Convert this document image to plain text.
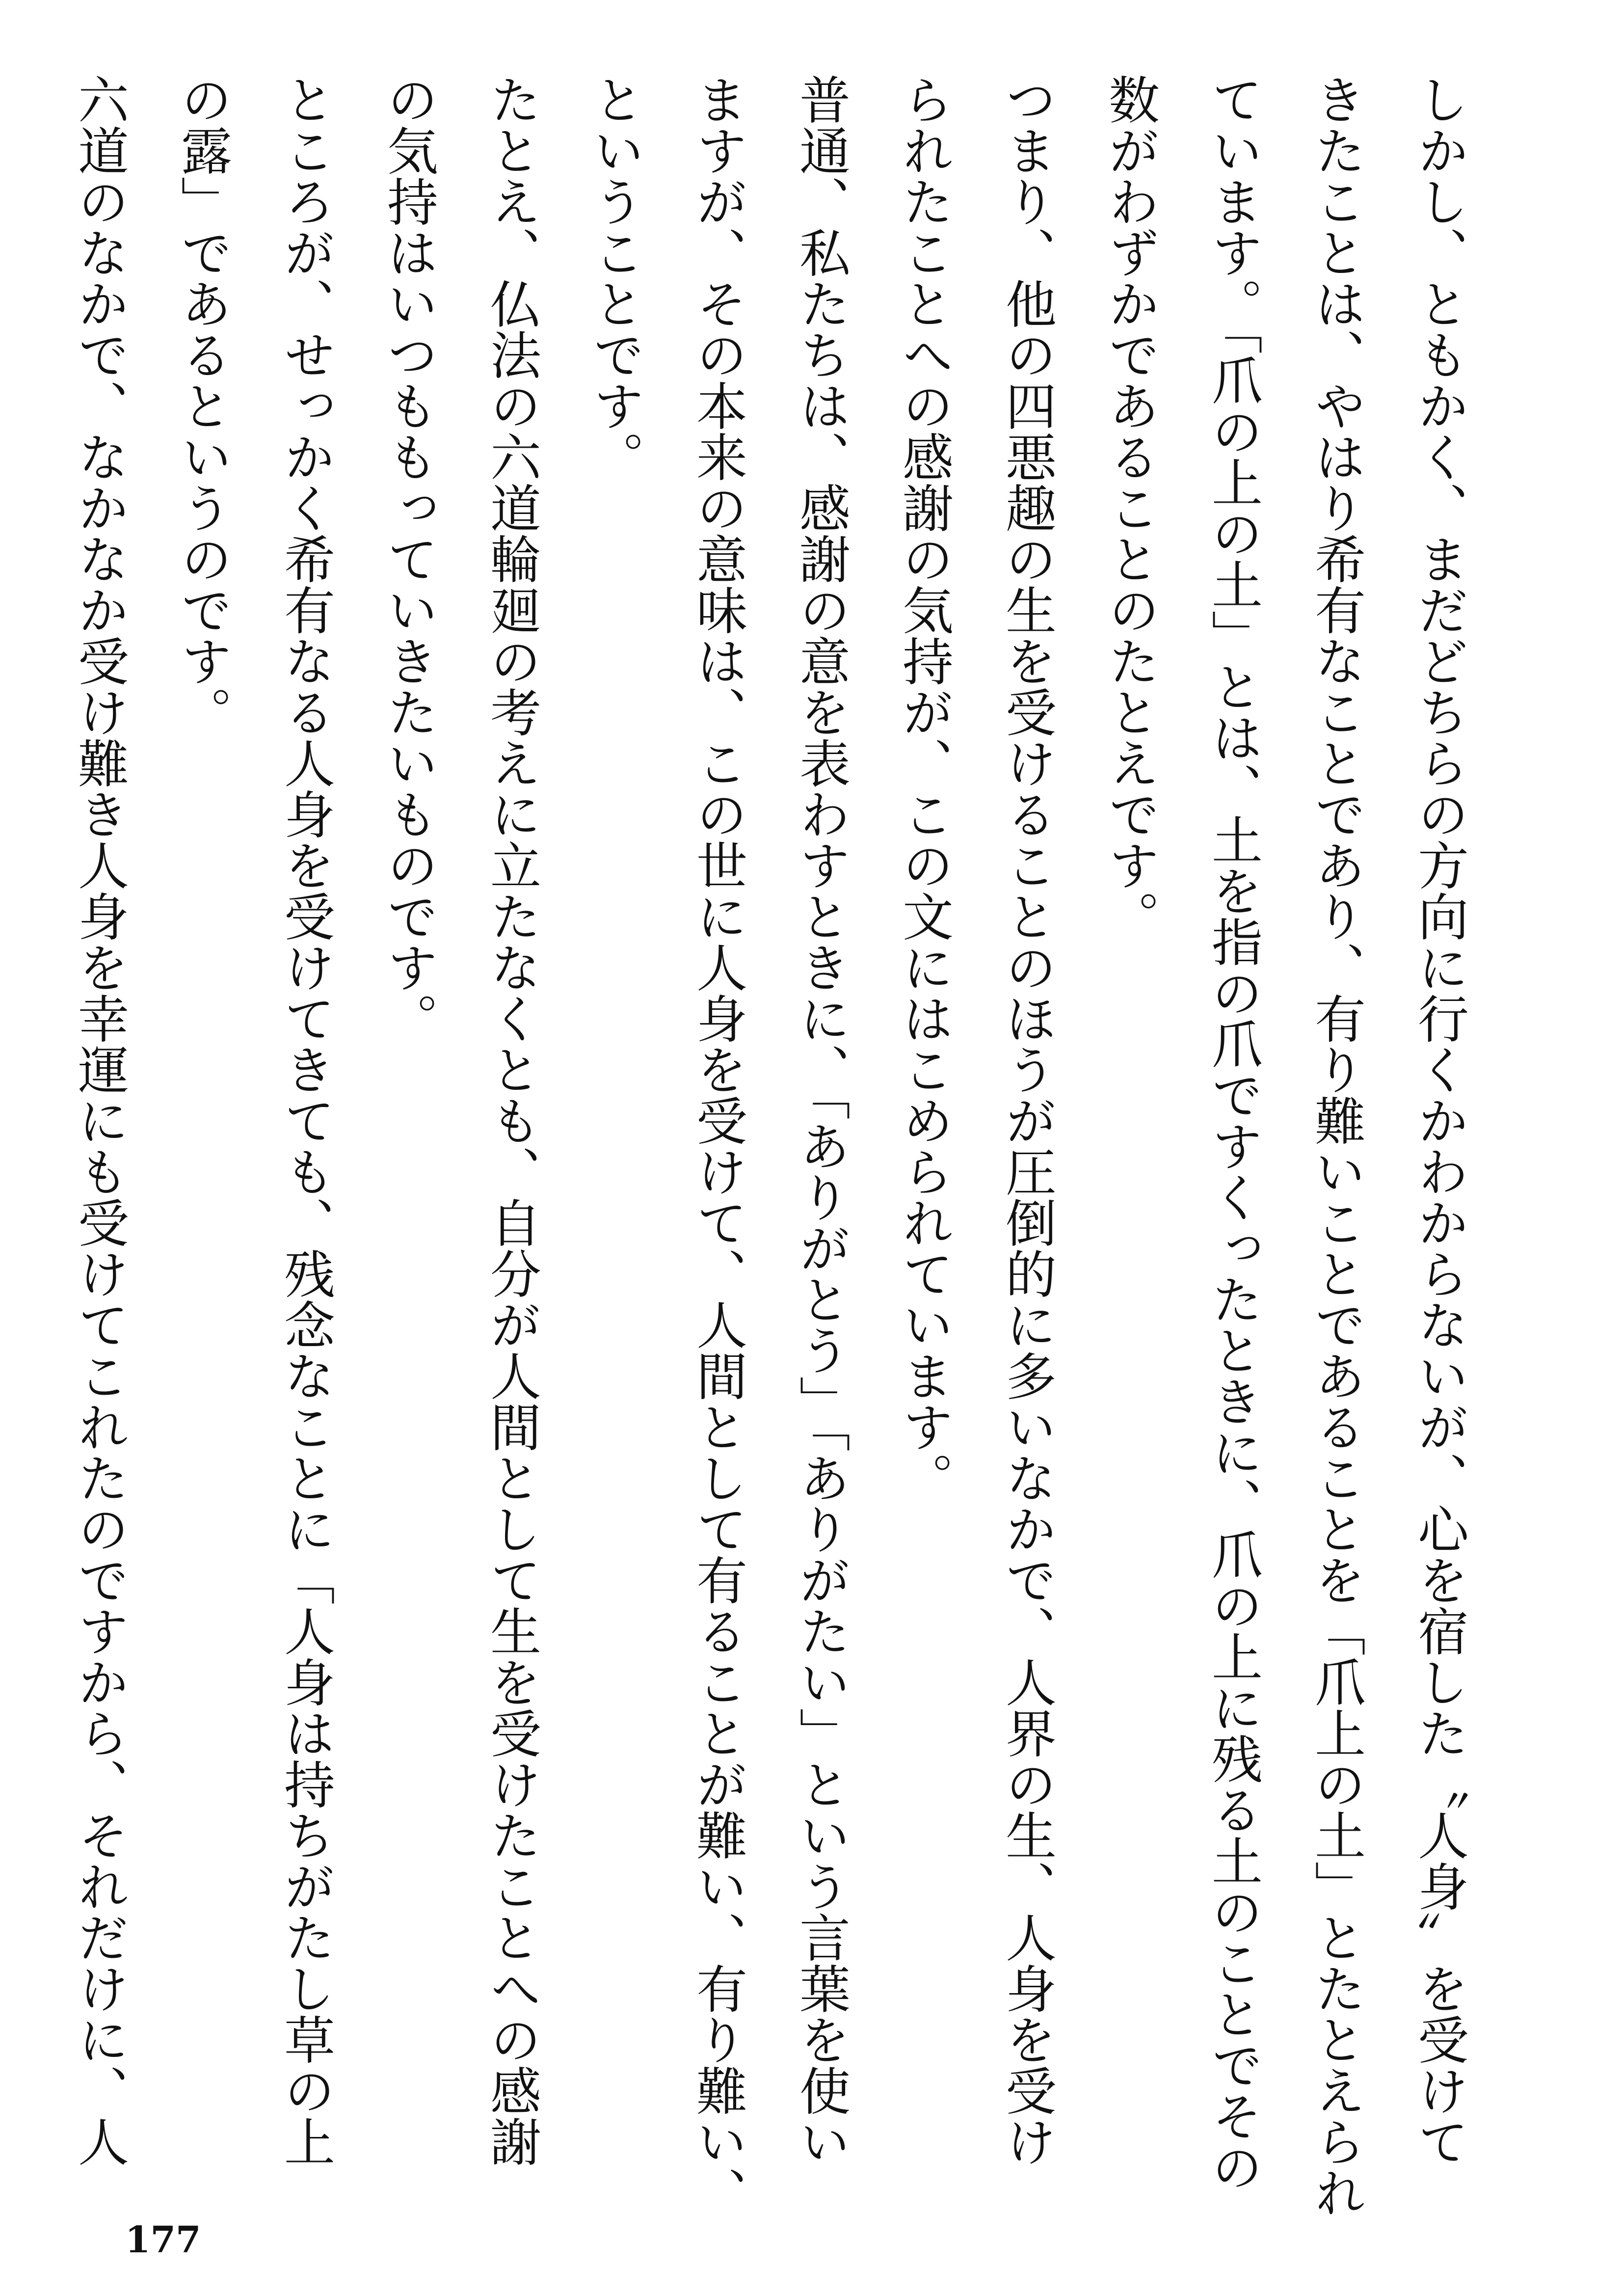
しかし、ともかく、まだどちらの方向に行くかわからないが、心を宿した〝人身〟を受けて
きたことは、やはり希有なことであり、有り難いことであることを「爪上の土」とたとえられ
ています。「爪の上の土」とは、土を指の爪ですくったときに、爪の上に残る土のことでその
数がわずかであることのたとえです。
つまり、他の四悪趣の生を受けることのほうが圧倒的に多いなかで、人界の生、人身を受け
られたことへの感謝の気持が、この文にはこめられています。
普通、私たちは、感謝の意を表わすときに、「ありがとう」「ありがたい」という言葉を使い
ますが、その本来の意味は、この世に人身を受けて、人間として有ることが難い、有り難い、
ということです。
たとえ、仏法の六道輪廻の考えに立たなくとも、自分が人間として生を受けたことへの感謝
の気持はいつももっていきたいものです。
ところが、せっかく希有なる人身を受けてきても、残念なことに「人身は持ちがたし草の上
の露」であるというのです。
六道のなかで、なかなか受け難き人身を幸運にも受けてこれたのですから、それだけに、人
177
